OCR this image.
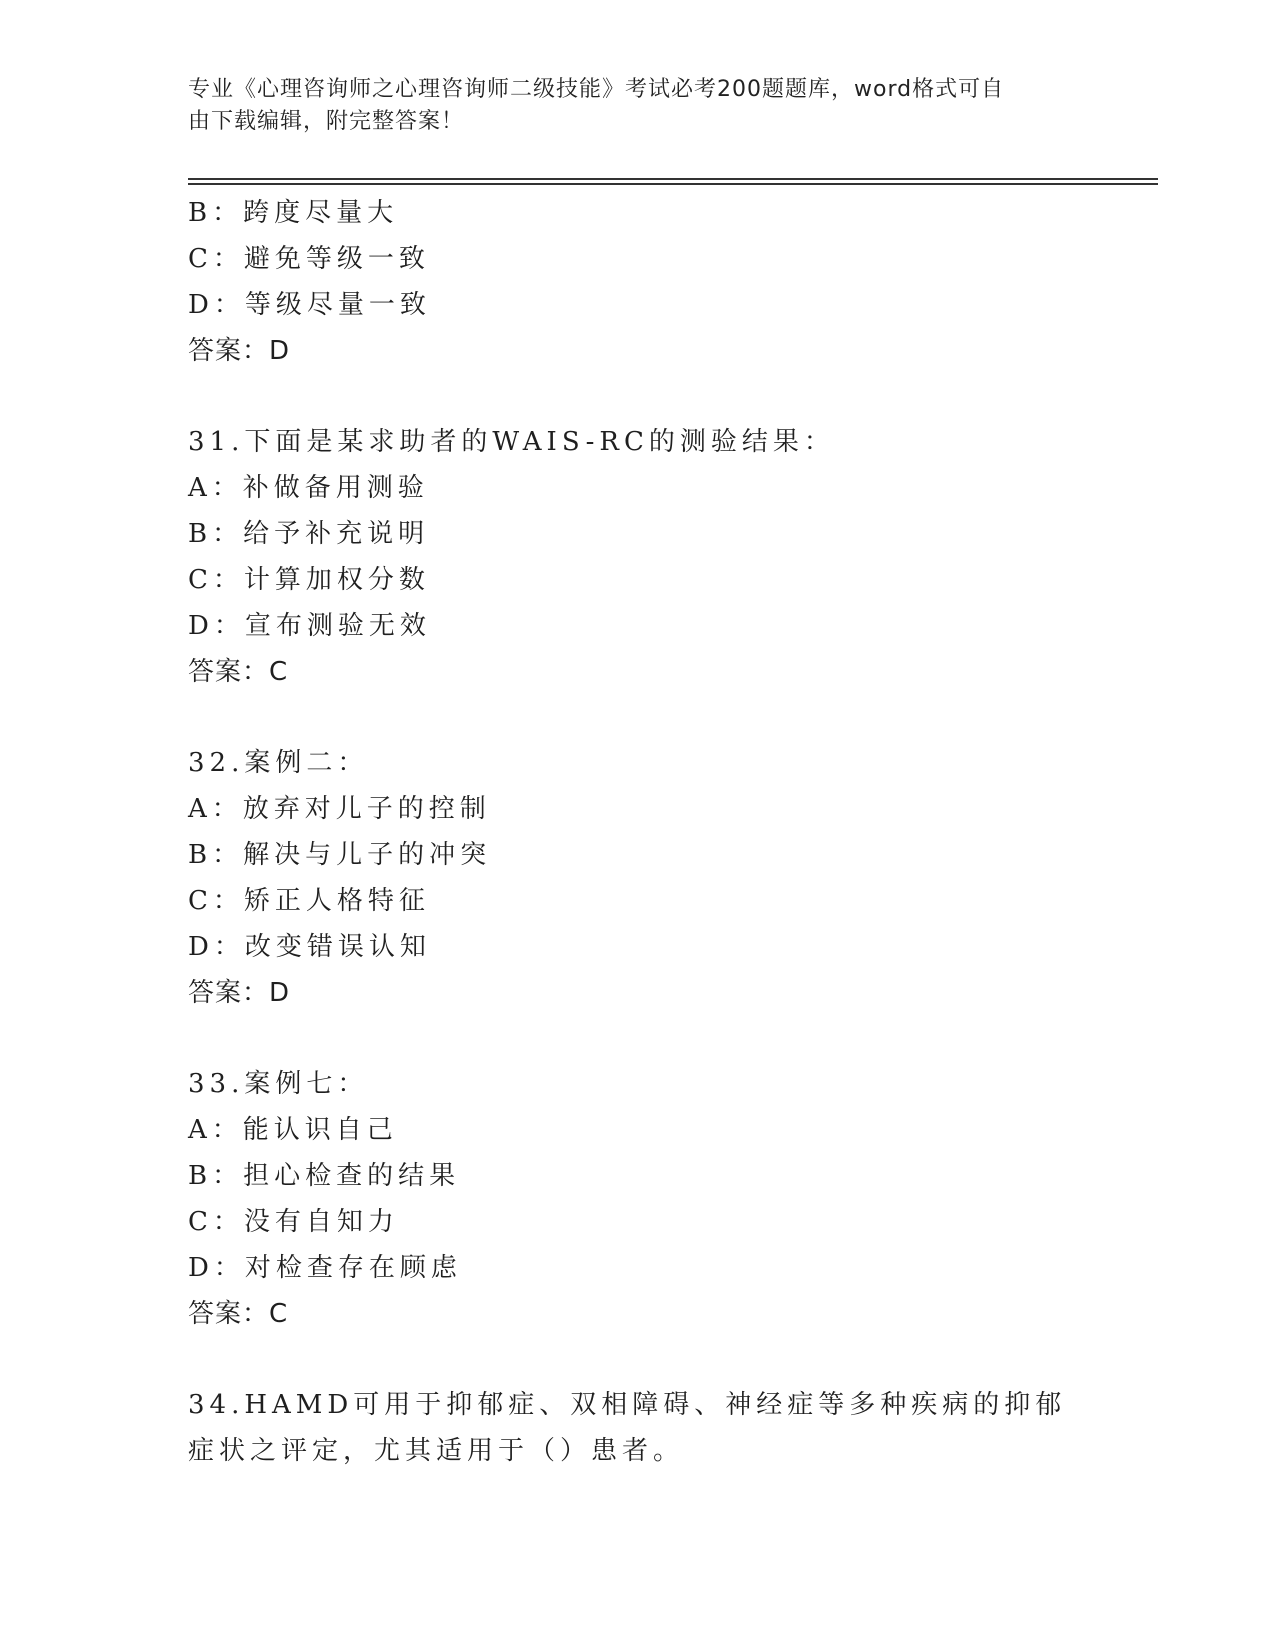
专业《心理咨询师之心理咨询师二级技能》考试必考200题题库，word格式可自
由下载编辑，附完整答案！
B：跨度尽量大
C：避免等级一致
D：等级尽量一致
答案：D
31.下面是某求助者的WAIS-RC的测验结果：
A：补做备用测验
B：给予补充说明
C：计算加权分数
D：宣布测验无效
答案：C
32.案例二：
A：放弃对儿子的控制
B：解决与儿子的冲突
C：矫正人格特征
D：改变错误认知
答案：D
33.案例七：
A：能认识自己
B：担心检查的结果
C：没有自知力
D：对检查存在顾虑
答案：C
34.HAMD可用于抑郁症、双相障碍、神经症等多种疾病的抑郁症状之评定，尤其适用于（）患者。
